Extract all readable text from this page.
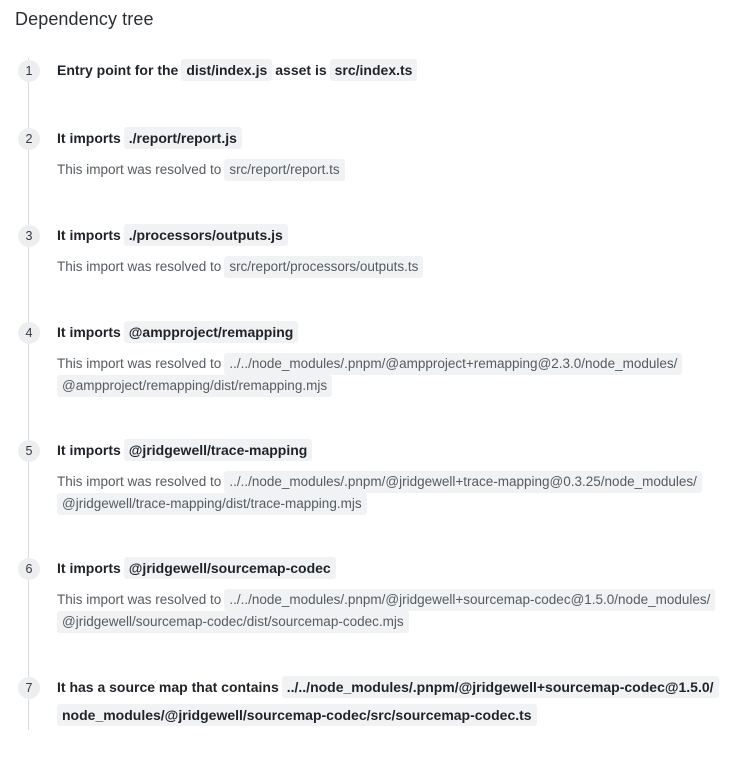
Dependency tree
1	Entry point for the dist/index.js asset is src/index.ts
2	It imports ./report/report.js
This import was resolved to src/report/report.ts
3	It imports ./processors/outputs.js
This import was resolved to src/report/processors/outputs.ts
4	It imports @ampproject/remapping
This import was resolved to ../../node_modules/.pnpm/@ampproject+remapping@2.3.0/node_modules/
@ampproject/remapping/dist/remapping.mjs
5	It imports @jridgewell/trace-mapping
This import was resolved to ../../node_modules/.pnpm/@jridgewell+trace-mapping@0.3.25/node_modules/
@jridgewell/trace-mapping/dist/trace-mapping.mjs
6	It imports @jridgewell/sourcemap-codec
This import was resolved to ../../node_modules/.pnpm/@jridgewell+sourcemap-codec@1.5.0/node_modules/
@jridgewell/sourcemap-codec/dist/sourcemap-codec.mjs
7	It has a source map that contains ../../node_modules/.pnpm/@jridgewell+sourcemap-codec@1.5.0/
node_modules/@jridgewell/sourcemap-codec/src/sourcemap-codec.ts
